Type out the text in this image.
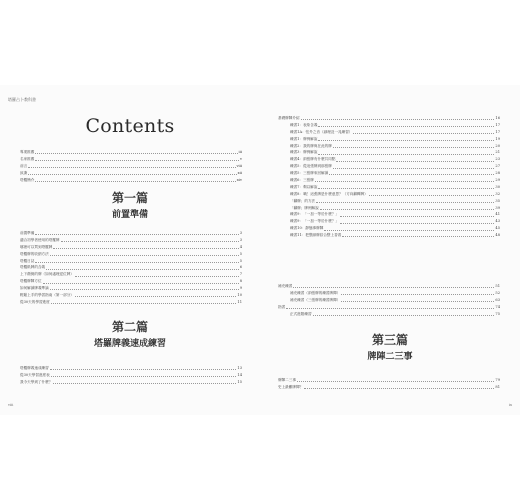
塔羅占卜教科書
Contents
專業推薦	iii
名家推薦	v
前言	viii
致謝	xii
塔羅簡介	xiv
第一篇
前置準備
前置準備	3
適合初學者使用的塔羅牌	3
哪裡可以買到塔羅牌	4
塔羅牌的收納方法	5
塔羅日誌	5
塔羅紙牌的含義	6
上下顛倒的牌（如何處理逆位牌）	7
塔羅牌陣方位	8
如何解讀牌義準論	9
輕鬆上手的學習指南（第一部分）	10
從30天的學習進度	11
第二篇
塔羅牌義速成練習
塔羅牌義速成練習	13
從30天學習進度表	14
我今天學到了什麼？	15
viii
基礎牌陣介紹	16
練習1：表象含義	17
練習1A：弦外之音（副理及一兆練習）	17
練習1：牌例解說	19
練習2：我的牌與在此的牌	20
練習3：牌例解說	21
練習4：兩張牌有什麼共同點	23
練習5：從這張牌到那張牌	27
練習5：三張牌來回解讀	28
練習6：三張牌	29
練習7：剩以解說	30
練習8：哦！這張牌是什麼意思？（方向翻轉牌）	32
「翻牌」的方法	35
「翻牌」牌例解說	39
練習9：「一加一等於什麼？」	41
練習9：「一加一等於什麼？」	43
練習10：靜態事牌陣	45
練習11：把整副牌綜合整上香看	48
補充練習	51
補充練習（兩張牌的練習牌陣）	52
補充練習（三張牌的練習牌陣）	63
指習	74
正式進階練習	75
第三篇
牌陣二三事
牌陣二三事	79
史上最難牌陣？	81
ix
